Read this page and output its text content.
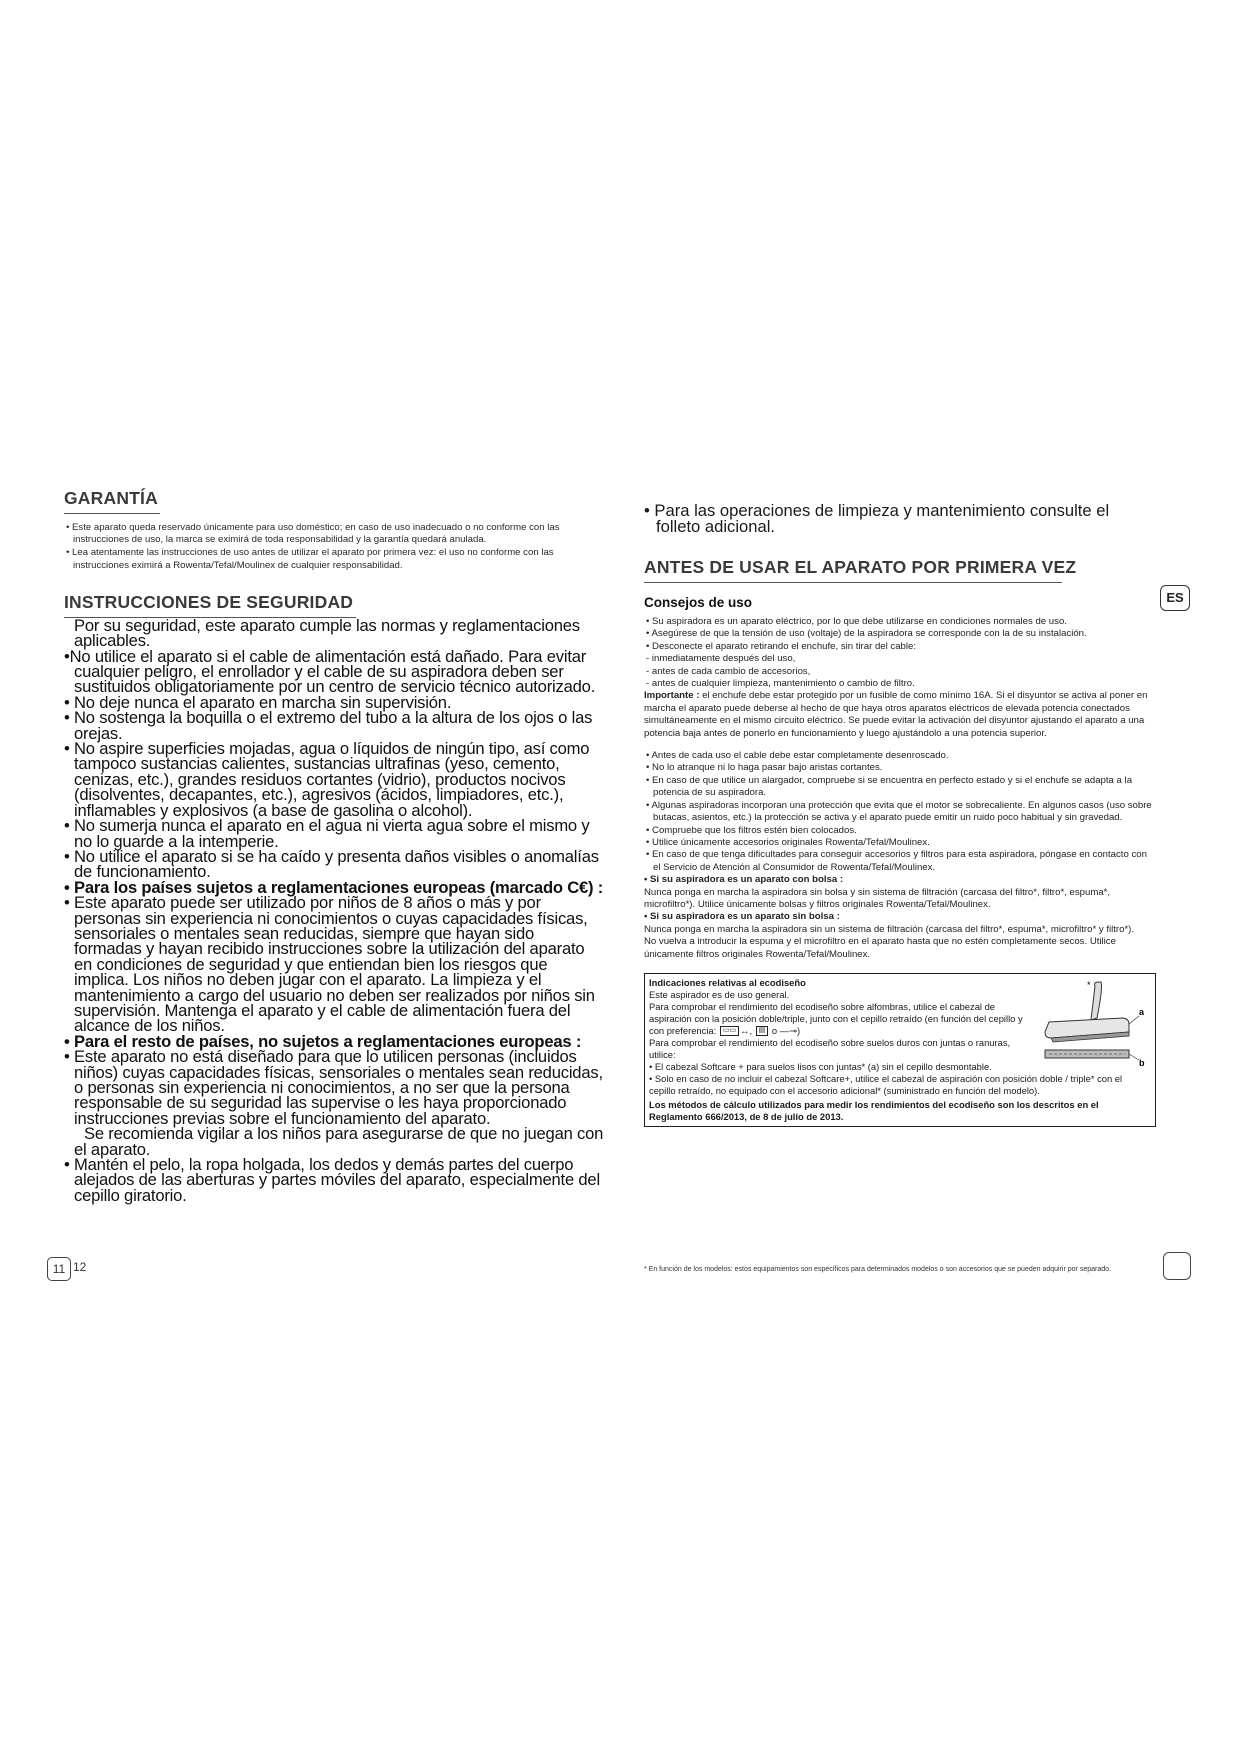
GARANTÍA
• Este aparato queda reservado únicamente para uso doméstico; en caso de uso inadecuado o no conforme con las instrucciones de uso, la marca se eximirá de toda responsabilidad y la garantía quedará anulada.
• Lea atentamente las instrucciones de uso antes de utilizar el aparato por primera vez: el uso no conforme con las instrucciones eximirá a Rowenta/Tefal/Moulinex de cualquier responsabilidad.
INSTRUCCIONES DE SEGURIDAD

Por su seguridad, este aparato cumple las normas y reglamentaciones aplicables.

•No utilice el aparato si el cable de alimentación está dañado. Para evitar cualquier peligro, el enrollador y el cable de su aspiradora deben ser sustituidos obligatoriamente por un centro de servicio técnico autorizado.

• No deje nunca el aparato en marcha sin supervisión.

• No sostenga la boquilla o el extremo del tubo a la altura de los ojos o las orejas.

• No aspire superficies mojadas, agua o líquidos de ningún tipo, así como tampoco sustancias calientes, sustancias ultrafinas (yeso, cemento, cenizas, etc.), grandes residuos cortantes (vidrio), productos nocivos (disolventes, decapantes, etc.), agresivos (ácidos, limpiadores, etc.), inflamables y explosivos (a base de gasolina o alcohol).

• No sumerja nunca el aparato en el agua ni vierta agua sobre el mismo y no lo guarde a la intemperie.

• No utilice el aparato si se ha caído y presenta daños visibles o anomalías de funcionamiento.

• Para los países sujetos a reglamentaciones europeas (marcado C€) :

• Este aparato puede ser utilizado por niños de 8 años o más y por personas sin experiencia ni conocimientos o cuyas capacidades físicas, sensoriales o mentales sean reducidas, siempre que hayan sido formadas y hayan recibido instrucciones sobre la utilización del aparato en condiciones de seguridad y que entiendan bien los riesgos que implica. Los niños no deben jugar con el aparato. La limpieza y el mantenimiento a cargo del usuario no deben ser realizados por niños sin supervisión. Mantenga el aparato y el cable de alimentación fuera del alcance de los niños.

• Para el resto de países, no sujetos a reglamentaciones europeas :

• Este aparato no está diseñado para que lo utilicen personas (incluidos niños) cuyas capacidades físicas, sensoriales o mentales sean reducidas, o personas sin experiencia ni conocimientos, a no ser que la persona responsable de su seguridad las supervise o les haya proporcionado instrucciones previas sobre el funcionamiento del aparato.

Se recomienda vigilar a los niños para asegurarse de que no juegan con el aparato.

• Mantén el pelo, la ropa holgada, los dedos y demás partes del cuerpo alejados de las aberturas y partes móviles del aparato, especialmente del cepillo giratorio.

11 12

• Para las operaciones de limpieza y mantenimiento consulte el folleto adicional.

ANTES DE USAR EL APARATO POR PRIMERA VEZ
Consejos de uso
• Su aspiradora es un aparato eléctrico, por lo que debe utilizarse en condiciones normales de uso.
• Asegúrese de que la tensión de uso (voltaje) de la aspiradora se corresponde con la de su instalación.
• Desconecte el aparato retirando el enchufe, sin tirar del cable:
- inmediatamente después del uso,
- antes de cada cambio de accesorios,
- antes de cualquier limpieza, mantenimiento o cambio de filtro.

Importante : el enchufe debe estar protegido por un fusible de como mínimo 16A. Si el disyuntor se activa al poner en marcha el aparato puede deberse al hecho de que haya otros aparatos eléctricos de elevada potencia conectados simultáneamente en el mismo circuito eléctrico. Se puede evitar la activación del disyuntor ajustando el aparato a una potencia baja antes de ponerlo en funcionamiento y luego ajustándolo a una potencia superior.

• Antes de cada uso el cable debe estar completamente desenroscado.
• No lo atranque ni lo haga pasar bajo aristas cortantes.
• En caso de que utilice un alargador, compruebe si se encuentra en perfecto estado y si el enchufe se adapta a la potencia de su aspiradora.
• Algunas aspiradoras incorporan una protección que evita que el motor se sobrecaliente. En algunos casos (uso sobre butacas, asientos, etc.) la protección se activa y el aparato puede emitir un ruido poco habitual y sin gravedad.
• Compruebe que los filtros estén bien colocados.
• Utilice únicamente accesorios originales Rowenta/Tefal/Moulinex.
• En caso de que tenga dificultades para conseguir accesorios y filtros para esta aspiradora, póngase en contacto con el Servicio de Atención al Consumidor de Rowenta/Tefal/Moulinex.

• Si su aspiradora es un aparato con bolsa :

Nunca ponga en marcha la aspiradora sin bolsa y sin sistema de filtración (carcasa del filtro*, filtro*, espuma*, microfiltro*). Utilice únicamente bolsas y filtros originales Rowenta/Tefal/Moulinex.

• Si su aspiradora es un aparato sin bolsa :

Nunca ponga en marcha la aspiradora sin un sistema de filtración (carcasa del filtro*, espuma*, microfiltro* y filtro*).

No vuelva a introducir la espuma y el microfiltro en el aparato hasta que no estén completamente secos. Utilice únicamente filtros originales Rowenta/Tefal/Moulinex.

Indicaciones relativas al ecodiseño
Este aspirador es de uso general.
Para comprobar el rendimiento del ecodiseño sobre alfombras, utilice el cabezal de aspiración con la posición doble/triple, junto con el cepillo retraído (en función del cepillo y con preferencia: ▭▭ ↔, ▤ o —⊸)
Para comprobar el rendimiento del ecodiseño sobre suelos duros con juntas o ranuras, utilice:
• El cabezal Softcare + para suelos lisos con juntas* (a) sin el cepillo desmontable.
• Solo en caso de no incluir el cabezal Softcare+, utilice el cabezal de aspiración con posición doble / triple* con el cepillo retraído, no equipado con el accesorio adicional* (suministrado en función del modelo).
Los métodos de cálculo utilizados para medir los rendimientos del ecodiseño son los descritos en el Reglamento 666/2013, de 8 de julio de 2013.
a
b
*
ES
* En función de los modelos: estos equipamientos son específicos para determinados modelos o son accesorios que se pueden adquirir por separado.
